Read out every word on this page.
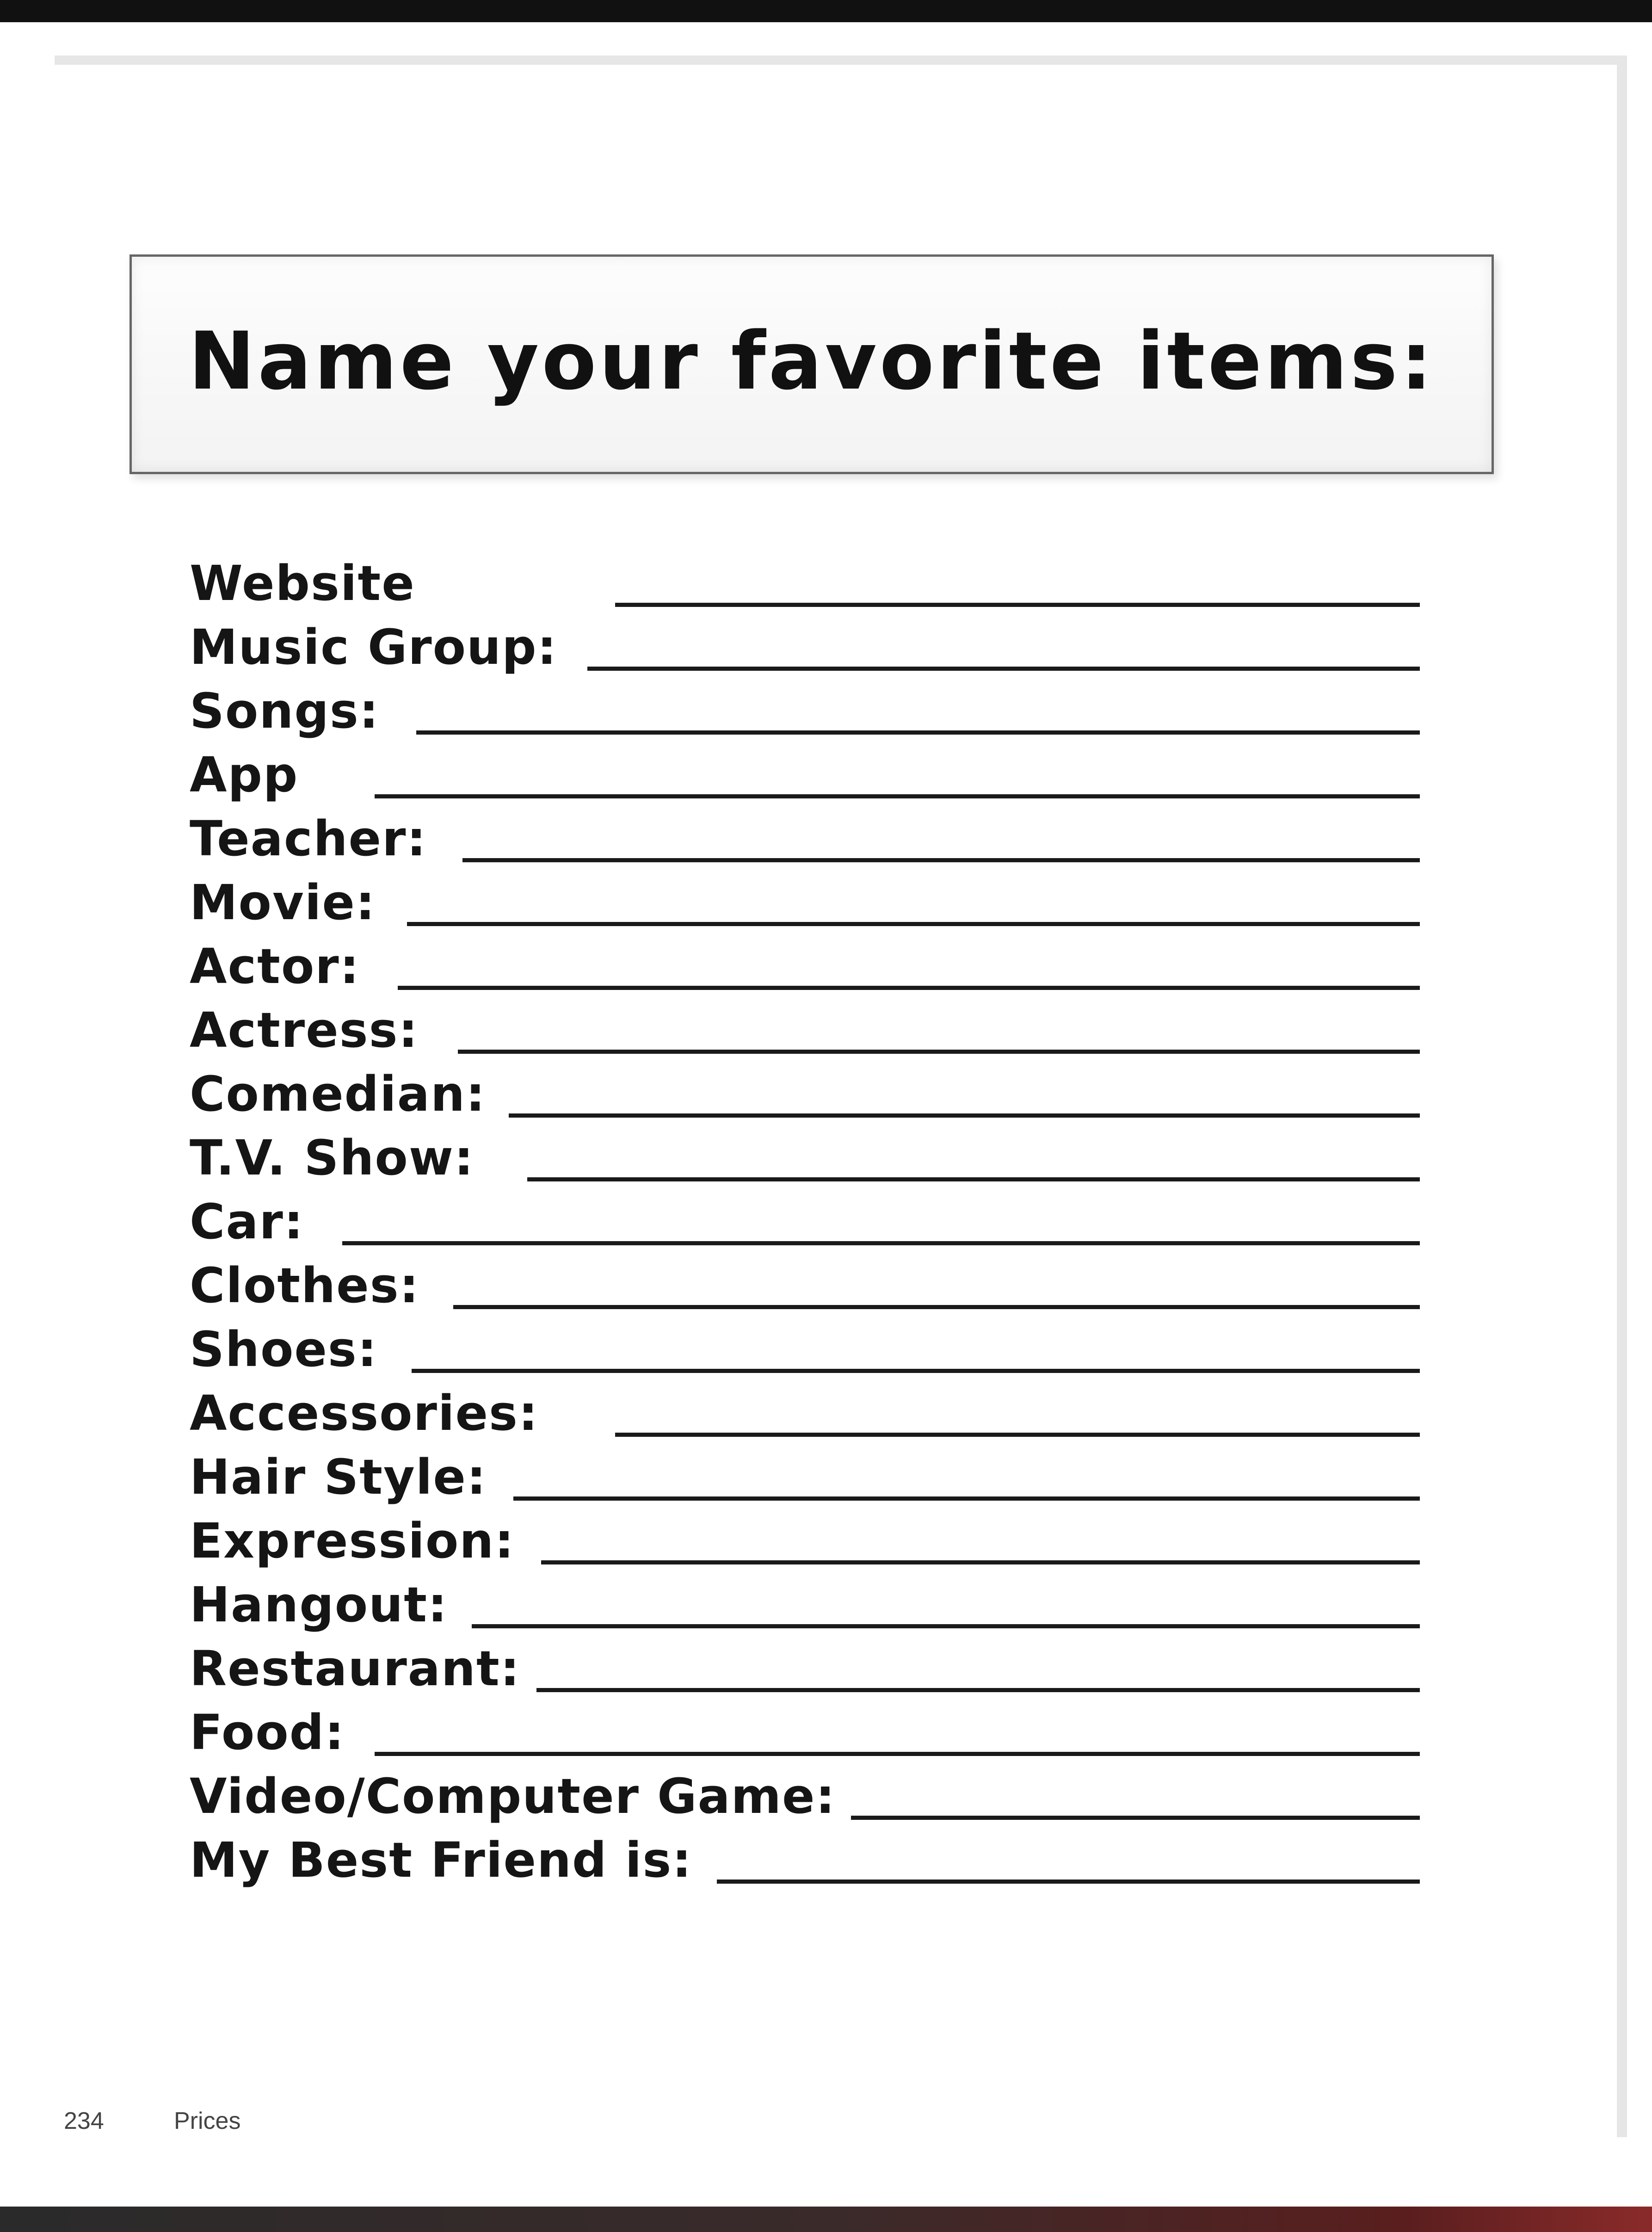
Name your favorite items:
Website
Music Group:
Songs:
App
Teacher:
Movie:
Actor:
Actress:
Comedian:
T.V. Show:
Car:
Clothes:
Shoes:
Accessories:
Hair Style:
Expression:
Hangout:
Restaurant:
Food:
Video/Computer Game:
My Best Friend is:
234	Prices
